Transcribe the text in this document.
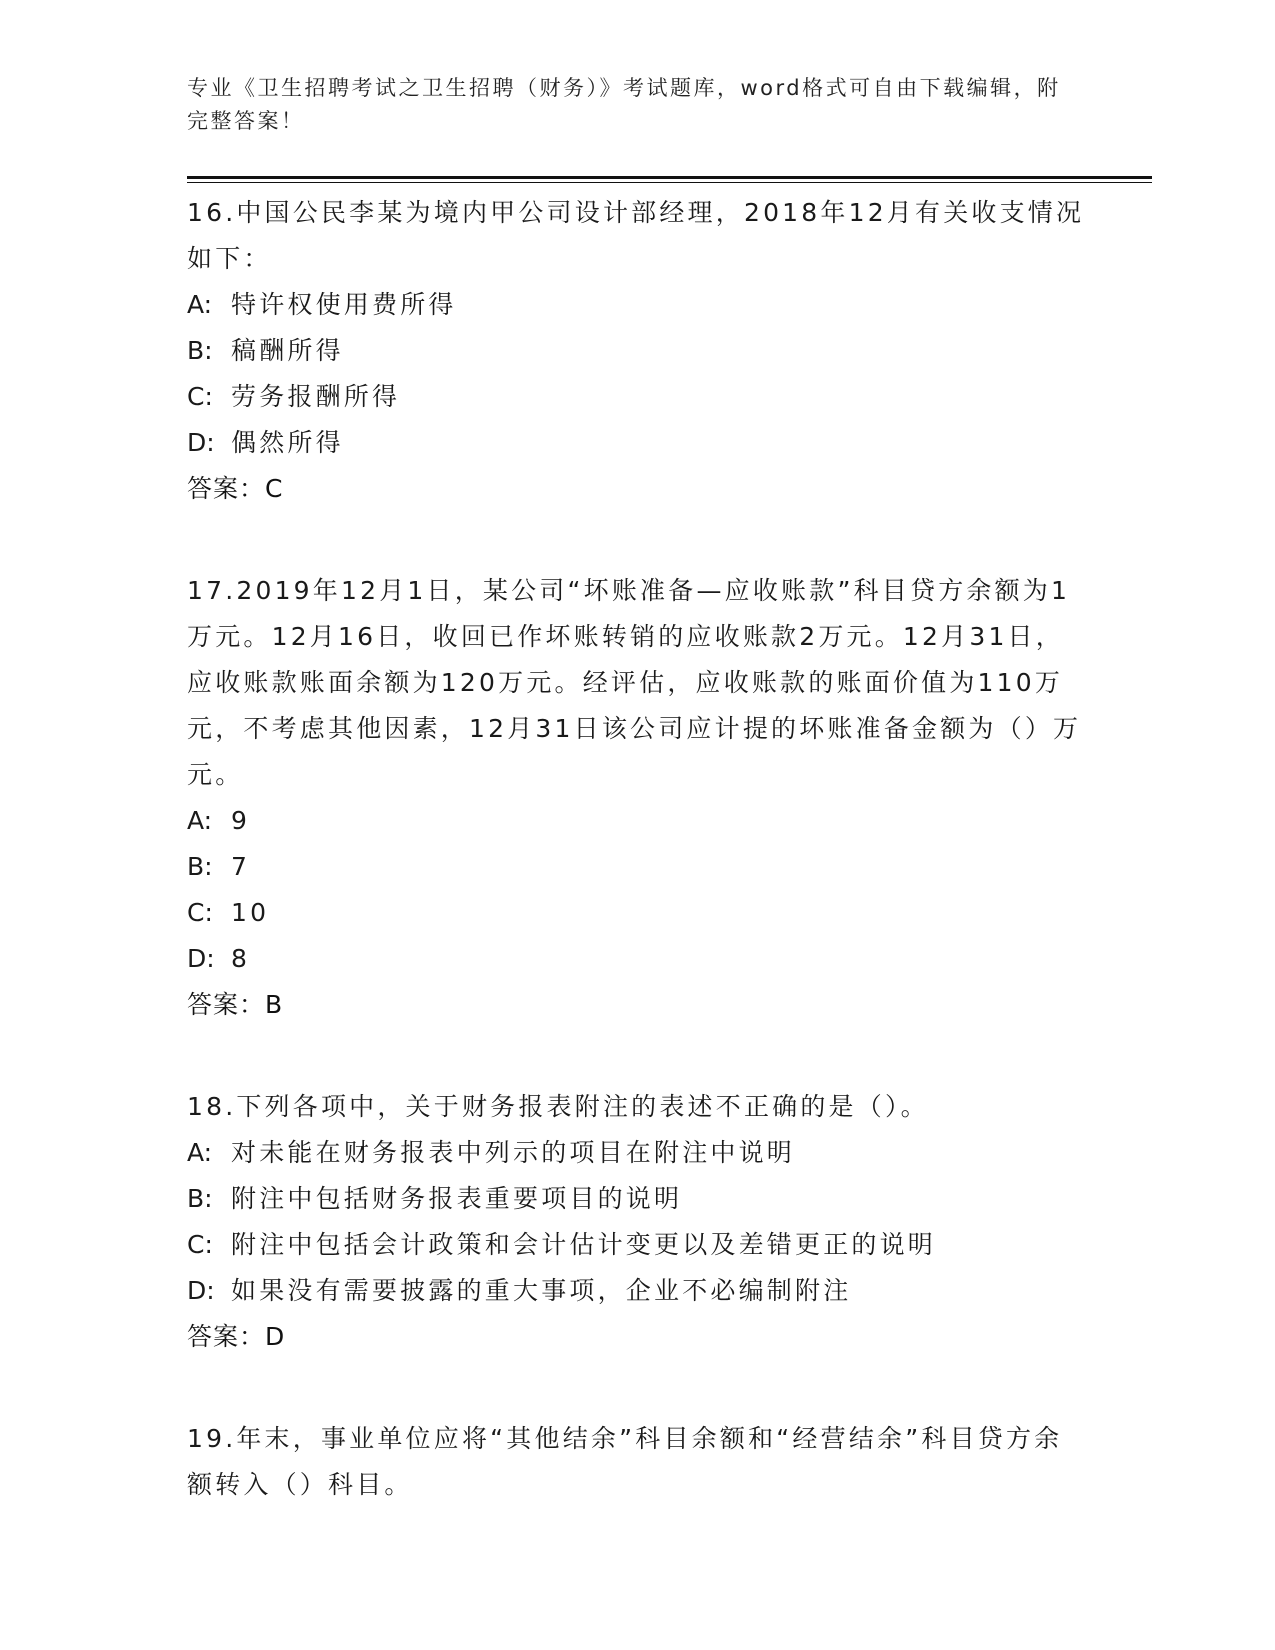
专业《卫生招聘考试之卫生招聘（财务）》考试题库，word格式可自由下载编辑，附完整答案！
16.中国公民李某为境内甲公司设计部经理，2018年12月有关收支情况如下：
A: 特许权使用费所得
B: 稿酬所得
C: 劳务报酬所得
D: 偶然所得
答案：C
17.2019年12月1日，某公司“坏账准备—应收账款”科目贷方余额为1万元。12月16日，收回已作坏账转销的应收账款2万元。12月31日，应收账款账面余额为120万元。经评估，应收账款的账面价值为110万元，不考虑其他因素，12月31日该公司应计提的坏账准备金额为（）万元。
A: 9
B: 7
C: 10
D: 8
答案：B
18.下列各项中，关于财务报表附注的表述不正确的是（）。
A: 对未能在财务报表中列示的项目在附注中说明
B: 附注中包括财务报表重要项目的说明
C: 附注中包括会计政策和会计估计变更以及差错更正的说明
D: 如果没有需要披露的重大事项，企业不必编制附注
答案：D
19.年末，事业单位应将“其他结余”科目余额和“经营结余”科目贷方余额转入（）科目。
